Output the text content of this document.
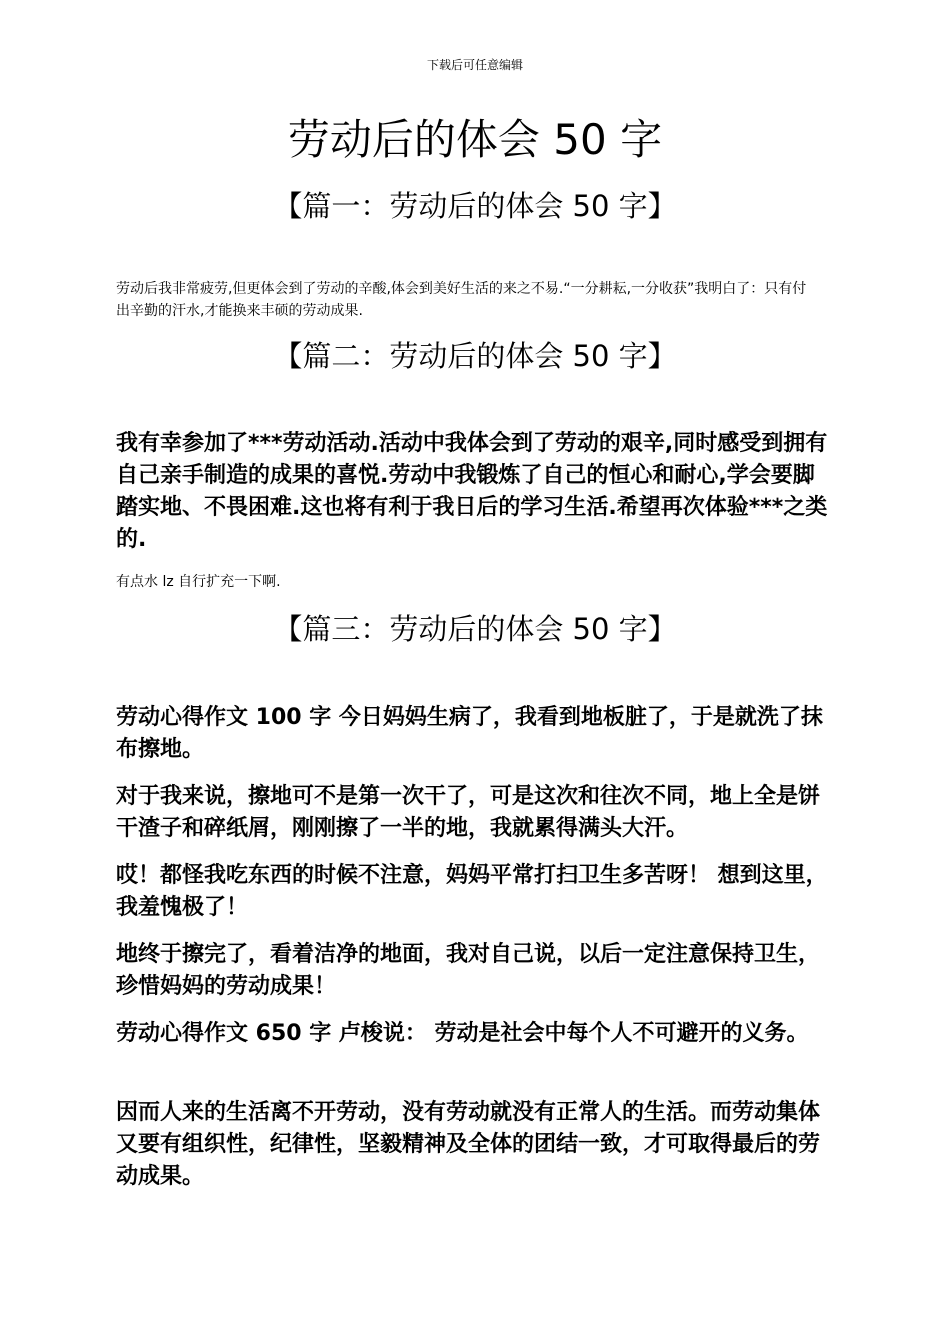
下载后可任意编辑
劳动后的体会 50 字
【篇一：劳动后的体会 50 字】

劳动后我非常疲劳,但更体会到了劳动的辛酸,体会到美好生活的来之不易.“一分耕耘,一分收获”我明白了：只有付出辛勤的汗水,才能换来丰硕的劳动成果.

【篇二：劳动后的体会 50 字】

我有幸参加了***劳动活动.活动中我体会到了劳动的艰辛,同时感受到拥有自己亲手制造的成果的喜悦.劳动中我锻炼了自己的恒心和耐心,学会要脚踏实地、不畏困难.这也将有利于我日后的学习生活.希望再次体验***之类的.

有点水 lz 自行扩充一下啊.

【篇三：劳动后的体会 50 字】

劳动心得作文 100 字 今日妈妈生病了，我看到地板脏了，于是就洗了抹布擦地。

对于我来说，擦地可不是第一次干了，可是这次和往次不同，地上全是饼干渣子和碎纸屑，刚刚擦了一半的地，我就累得满头大汗。

哎！都怪我吃东西的时候不注意，妈妈平常打扫卫生多苦呀！ 想到这里，我羞愧极了！

地终于擦完了，看着洁净的地面，我对自己说，以后一定注意保持卫生，珍惜妈妈的劳动成果！

劳动心得作文 650 字 卢梭说： 劳动是社会中每个人不可避开的义务。

因而人来的生活离不开劳动，没有劳动就没有正常人的生活。而劳动集体又要有组织性，纪律性，坚毅精神及全体的团结一致，才可取得最后的劳动成果。
